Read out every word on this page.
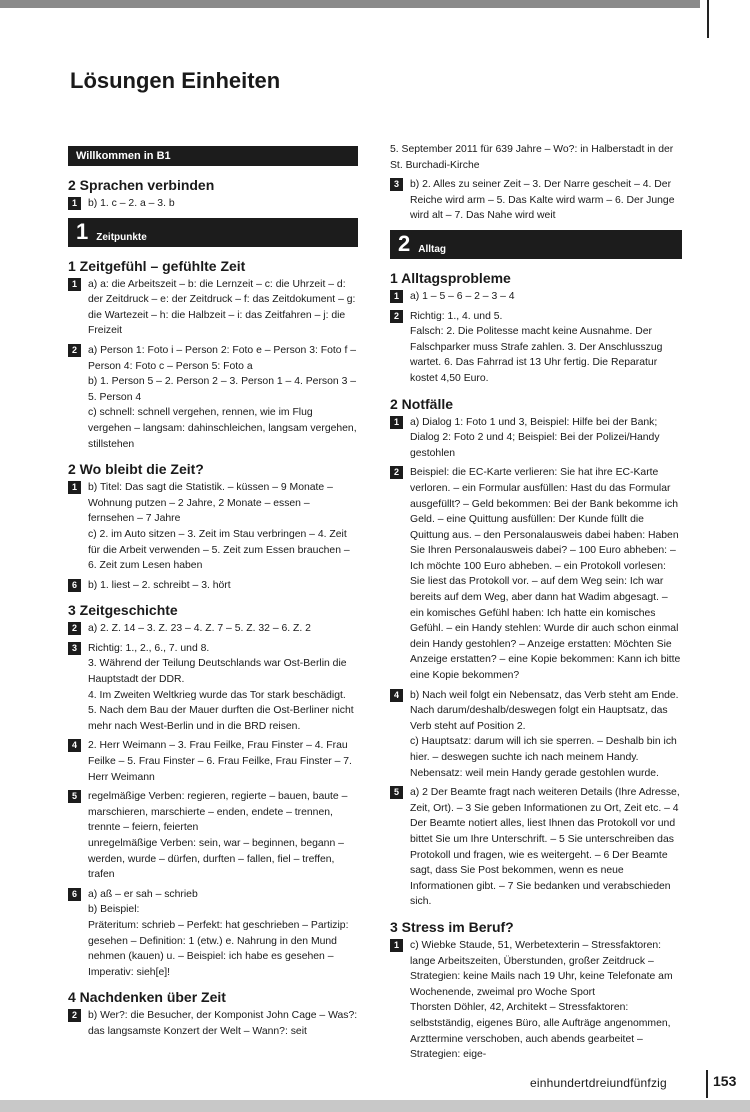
Lösungen Einheiten
Willkommen in B1
2 Sprachen verbinden
1	b) 1. c – 2. a – 3. b
1 Zeitpunkte
1 Zeitgefühl – gefühlte Zeit
1	a) a: die Arbeitszeit – b: die Lernzeit – c: die Uhrzeit – d: der Zeitdruck – e: der Zeitdruck – f: das Zeitdokument – g: die Wartezeit – h: die Halbzeit – i: das Zeitfahren – j: die Freizeit
2	a) Person 1: Foto i – Person 2: Foto e – Person 3: Foto f – Person 4: Foto c – Person 5: Foto a
b) 1. Person 5 – 2. Person 2 – 3. Person 1 – 4. Person 3 – 5. Person 4
c) schnell: schnell vergehen, rennen, wie im Flug vergehen – langsam: dahinschleichen, langsam vergehen, stillstehen
2 Wo bleibt die Zeit?
1	b) Titel: Das sagt die Statistik. – küssen – 9 Monate – Wohnung putzen – 2 Jahre, 2 Monate – essen – fernsehen – 7 Jahre
c) 2. im Auto sitzen – 3. Zeit im Stau verbringen – 4. Zeit für die Arbeit verwenden – 5. Zeit zum Essen brauchen – 6. Zeit zum Lesen haben
6	b) 1. liest – 2. schreibt – 3. hört
3 Zeitgeschichte
2	a) 2. Z. 14 – 3. Z. 23 – 4. Z. 7 – 5. Z. 32 – 6. Z. 2
3	Richtig: 1., 2., 6., 7. und 8.
3. Während der Teilung Deutschlands war Ost-Berlin die Hauptstadt der DDR.
4. Im Zweiten Weltkrieg wurde das Tor stark beschädigt.
5. Nach dem Bau der Mauer durften die Ost-Berliner nicht mehr nach West-Berlin und in die BRD reisen.
4	2. Herr Weimann – 3. Frau Feilke, Frau Finster – 4. Frau Feilke – 5. Frau Finster – 6. Frau Feilke, Frau Finster – 7. Herr Weimann
5	regelmäßige Verben: regieren, regierte – bauen, baute – marschieren, marschierte – enden, endete – trennen, trennte – feiern, feierten
unregelmäßige Verben: sein, war – beginnen, begann – werden, wurde – dürfen, durften – fallen, fiel – treffen, trafen
6	a) aß – er sah – schrieb
b) Beispiel:
Präteritum: schrieb – Perfekt: hat geschrieben – Partizip: gesehen – Definition: 1 (etw.) e. Nahrung in den Mund nehmen (kauen) u. – Beispiel: ich habe es gesehen – Imperativ: sieh[e]!
4 Nachdenken über Zeit
2	b) Wer?: die Besucher, der Komponist John Cage – Was?: das langsamste Konzert der Welt – Wann?: seit
5. September 2011 für 639 Jahre – Wo?: in Halberstadt in der St. Burchadi-Kirche
3	b) 2. Alles zu seiner Zeit – 3. Der Narre gescheit – 4. Der Reiche wird arm – 5. Das Kalte wird warm – 6. Der Junge wird alt – 7. Das Nahe wird weit
2 Alltag
1 Alltagsprobleme
1	a) 1 – 5 – 6 – 2 – 3 – 4
2	Richtig: 1., 4. und 5.
Falsch: 2. Die Politesse macht keine Ausnahme. Der Falschparker muss Strafe zahlen. 3. Der Anschlusszug wartet. 6. Das Fahrrad ist 13 Uhr fertig. Die Reparatur kostet 4,50 Euro.
2 Notfälle
1	a) Dialog 1: Foto 1 und 3, Beispiel: Hilfe bei der Bank; Dialog 2: Foto 2 und 4; Beispiel: Bei der Polizei/Handy gestohlen
2	Beispiel: die EC-Karte verlieren: Sie hat ihre EC-Karte verloren. – ein Formular ausfüllen: Hast du das Formular ausgefüllt? – Geld bekommen: Bei der Bank bekomme ich Geld. – eine Quittung ausfüllen: Der Kunde füllt die Quittung aus. – den Personalausweis dabei haben: Haben Sie Ihren Personalausweis dabei? – 100 Euro abheben: – Ich möchte 100 Euro abheben. – ein Protokoll vorlesen: Sie liest das Protokoll vor. – auf dem Weg sein: Ich war bereits auf dem Weg, aber dann hat Wadim abgesagt. – ein komisches Gefühl haben: Ich hatte ein komisches Gefühl. – ein Handy stehlen: Wurde dir auch schon einmal dein Handy gestohlen? – Anzeige erstatten: Möchten Sie Anzeige erstatten? – eine Kopie bekommen: Kann ich bitte eine Kopie bekommen?
4	b) Nach weil folgt ein Nebensatz, das Verb steht am Ende. Nach darum/deshalb/deswegen folgt ein Hauptsatz, das Verb steht auf Position 2.
c) Hauptsatz: darum will ich sie sperren. – Deshalb bin ich hier. – deswegen suchte ich nach meinem Handy. Nebensatz: weil mein Handy gerade gestohlen wurde.
5	a) 2 Der Beamte fragt nach weiteren Details (Ihre Adresse, Zeit, Ort). – 3 Sie geben Informationen zu Ort, Zeit etc. – 4 Der Beamte notiert alles, liest Ihnen das Protokoll vor und bittet Sie um Ihre Unterschrift. – 5 Sie unterschreiben das Protokoll und fragen, wie es weitergeht. – 6 Der Beamte sagt, dass Sie Post bekommen, wenn es neue Informationen gibt. – 7 Sie bedanken und verabschieden sich.
3 Stress im Beruf?
1	c) Wiebke Staude, 51, Werbetexterin – Stressfaktoren: lange Arbeitszeiten, Überstunden, großer Zeitdruck – Strategien: keine Mails nach 19 Uhr, keine Telefonate am Wochenende, zweimal pro Woche Sport
Thorsten Döhler, 42, Architekt – Stressfaktoren: selbstständig, eigenes Büro, alle Aufträge angenommen, Arzttermine verschoben, auch abends gearbeitet – Strategien: eige-
einhundertdreiundfünfzig	153
